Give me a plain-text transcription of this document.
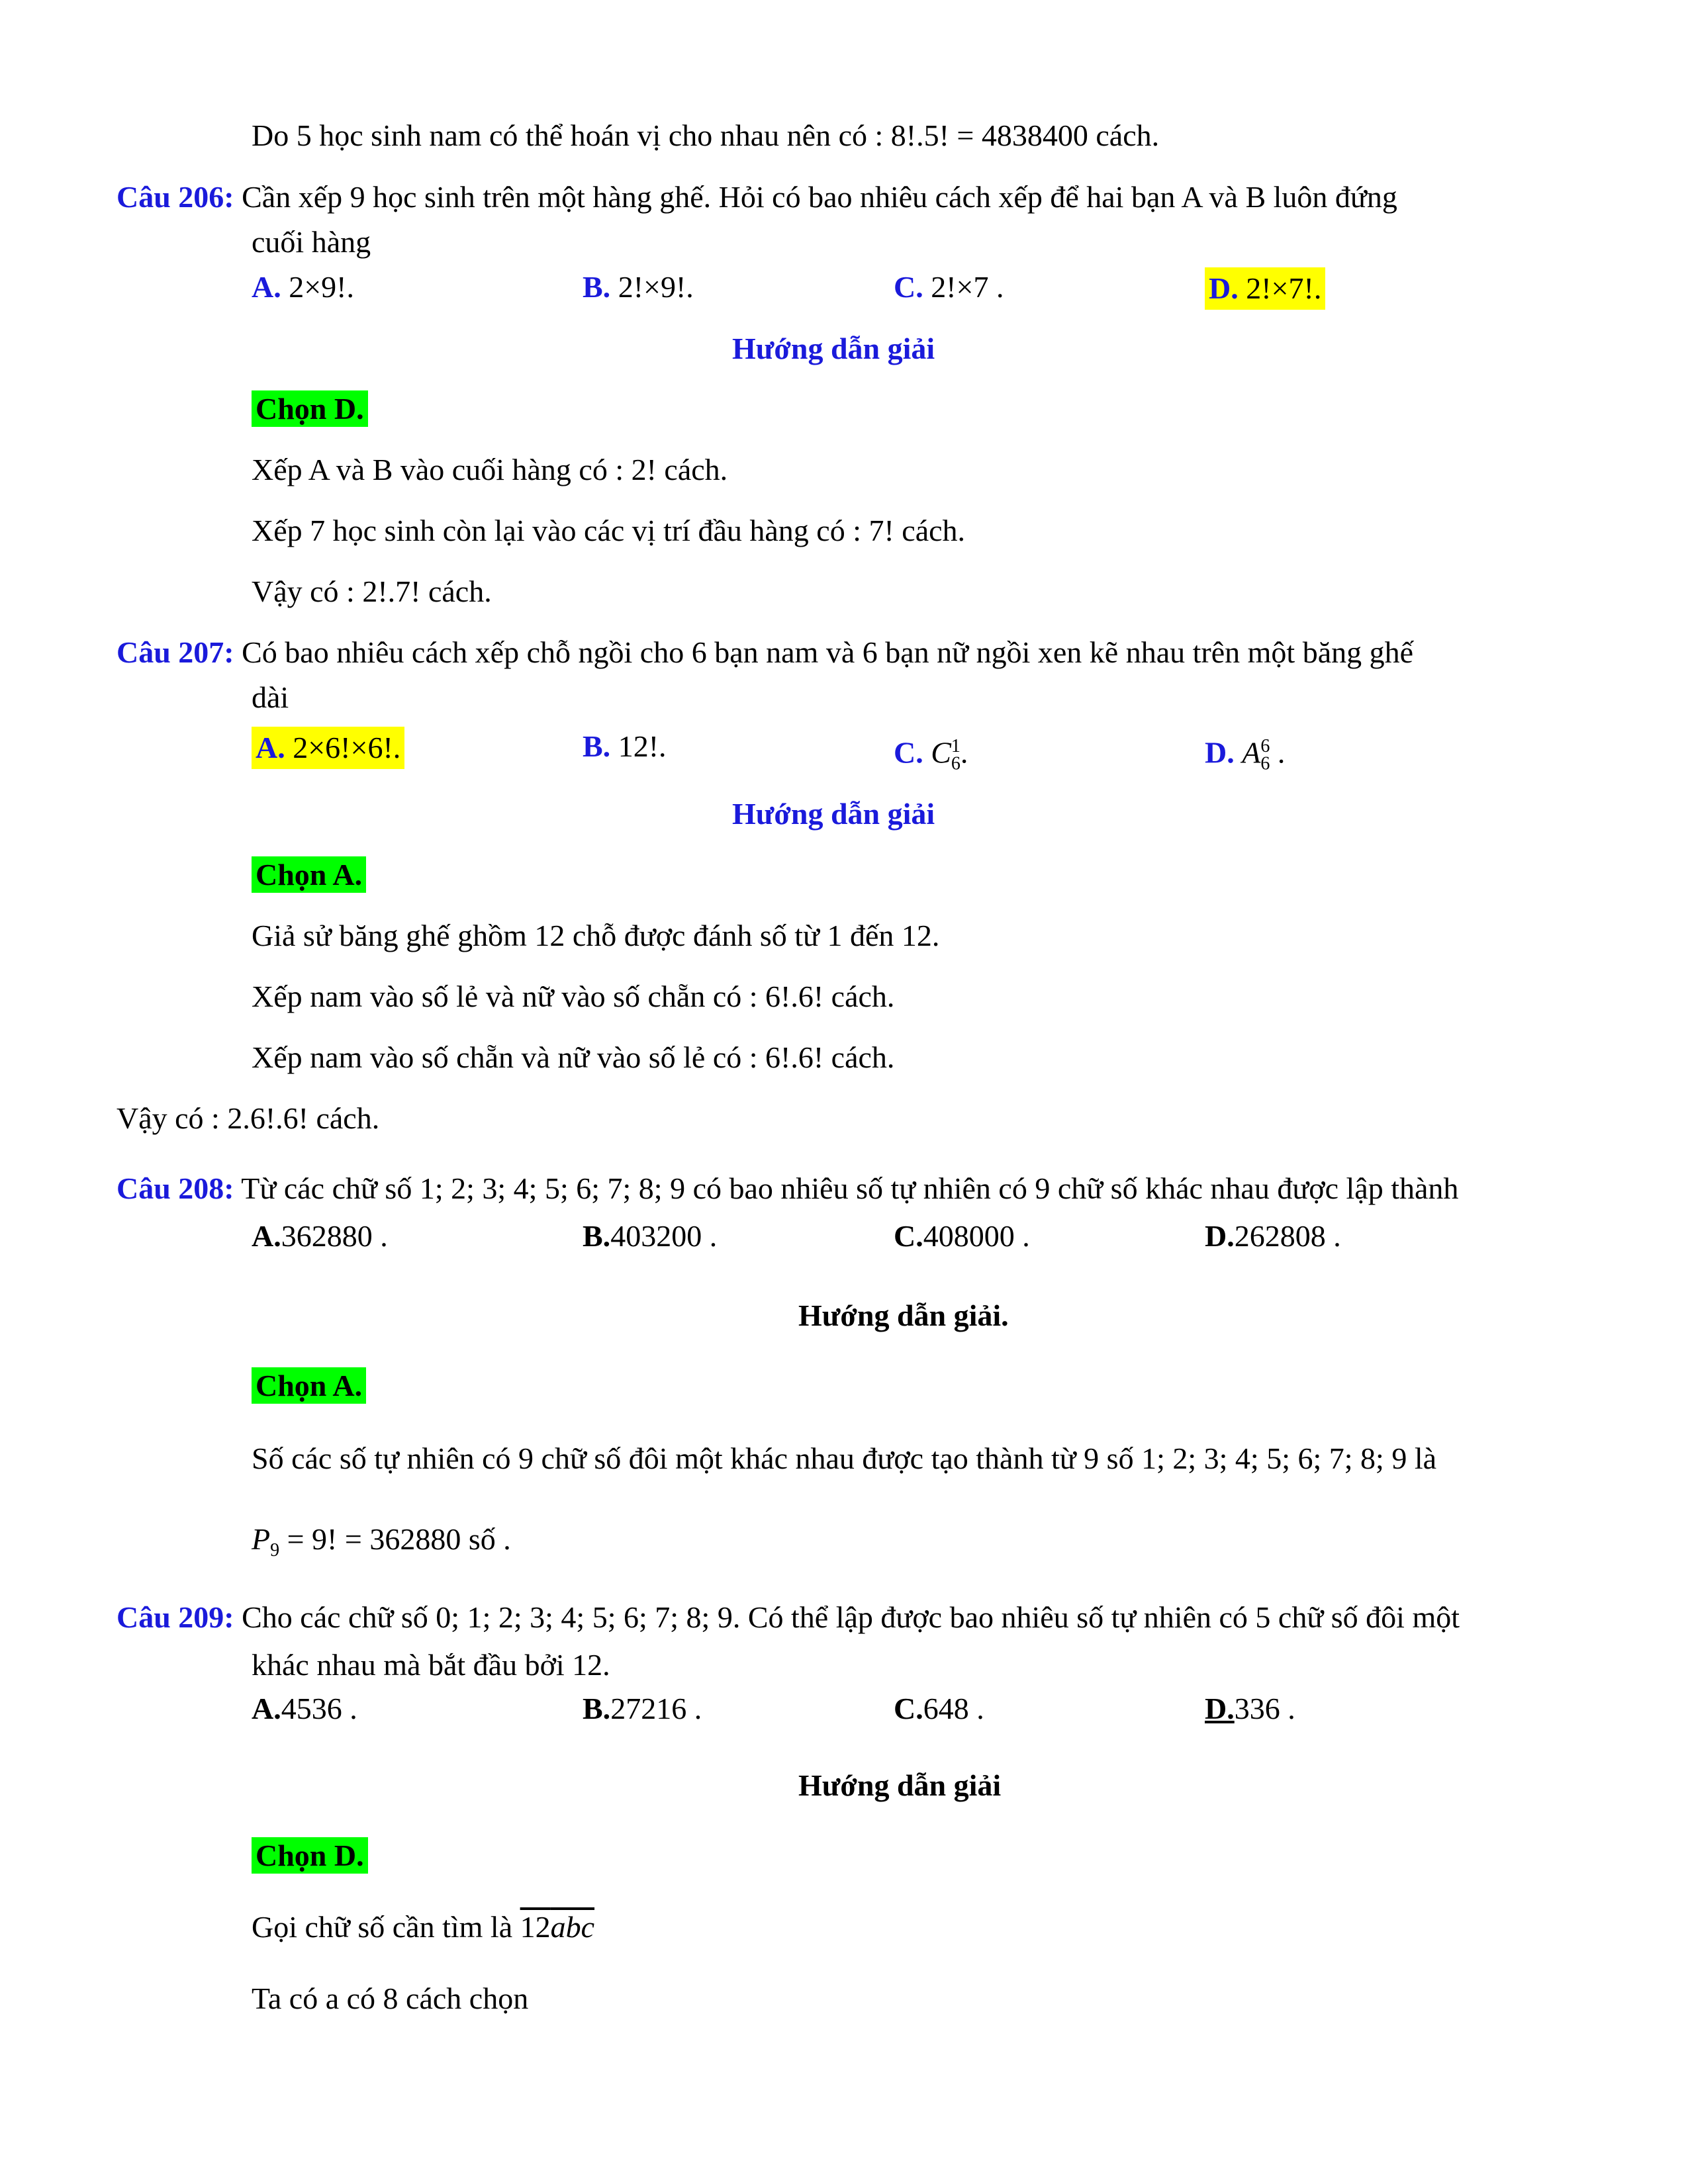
Do 5 học sinh nam có thể hoán vị cho nhau nên có : 8!.5! = 4838400 cách.
Câu 206: Cần xếp 9 học sinh trên một hàng ghế. Hỏi có bao nhiêu cách xếp để hai bạn A và B luôn đứng
cuối hàng
A. 2×9!.	B. 2!×9!.	C. 2!×7 .	D. 2!×7!.
Hướng dẫn giải
Chọn D.
Xếp A và B vào cuối hàng có : 2! cách.
Xếp 7 học sinh còn lại vào các vị trí đầu hàng có : 7! cách.
Vậy có : 2!.7! cách.
Câu 207: Có bao nhiêu cách xếp chỗ ngồi cho 6 bạn nam và 6 bạn nữ ngồi xen kẽ nhau trên một băng ghế
dài
A. 2×6!×6!.	B. 12!.	C. $C_6^1$.	D. $A_6^6$ .
Hướng dẫn giải
Chọn A.
Giả sử băng ghế ghồm 12 chỗ được đánh số từ 1 đến 12.
Xếp nam vào số lẻ và nữ vào số chẵn có : 6!.6! cách.
Xếp nam vào số chẵn và nữ vào số lẻ có : 6!.6! cách.
Vậy có : 2.6!.6! cách.
Câu 208: Từ các chữ số 1; 2; 3; 4; 5; 6; 7; 8; 9 có bao nhiêu số tự nhiên có 9 chữ số khác nhau được lập thành
A.362880 .	B.403200 .	C.408000 .	D.262808 .
Hướng dẫn giải.
Chọn A.
Số các số tự nhiên có 9 chữ số đôi một khác nhau được tạo thành từ 9 số 1; 2; 3; 4; 5; 6; 7; 8; 9 là
$P_9 = 9$! = 362880 số .
Câu 209: Cho các chữ số 0; 1; 2; 3; 4; 5; 6; 7; 8; 9. Có thể lập được bao nhiêu số tự nhiên có 5 chữ số đôi một
khác nhau mà bắt đầu bởi 12.
A.4536 .	B.27216 .	C.648 .	D.336 .
Hướng dẫn giải
Chọn D.
Gọi chữ số cần tìm là 12abc
Ta có a có 8 cách chọn
